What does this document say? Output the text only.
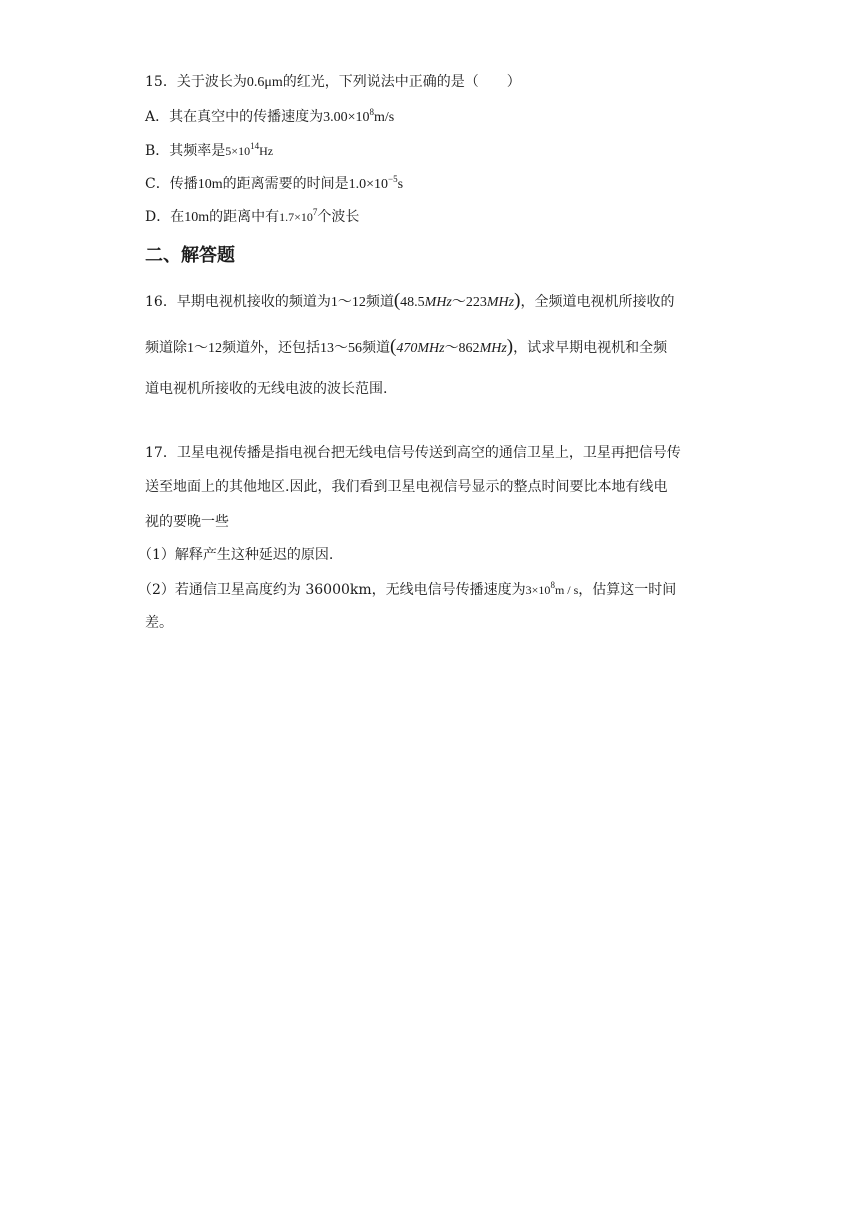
15．关于波长为0.6μm的红光，下列说法中正确的是（　　）
A．其在真空中的传播速度为$3.00\times 10^8m/s$
B．其频率是$5\times 10^{14}Hz$
C．传播10m的距离需要的时间是$1.0\times 10^{-5}s$
D．在10m的距离中有$1.7\times 10^7$个波长
二、解答题
16．早期电视机接收的频道为1～12频道(48.5MHz～223MHz)，全频道电视机所接收的
频道除1～12频道外，还包括13～56频道(470MHz～862MHz)，试求早期电视机和全频
道电视机所接收的无线电波的波长范围.
17．卫星电视传播是指电视台把无线电信号传送到高空的通信卫星上，卫星再把信号传
送至地面上的其他地区.因此，我们看到卫星电视信号显示的整点时间要比本地有线电
视的要晚一些
（1）解释产生这种延迟的原因.
（2）若通信卫星高度约为 36000km，无线电信号传播速度为$3\times 10^8m / s$，估算这一时间
差。
